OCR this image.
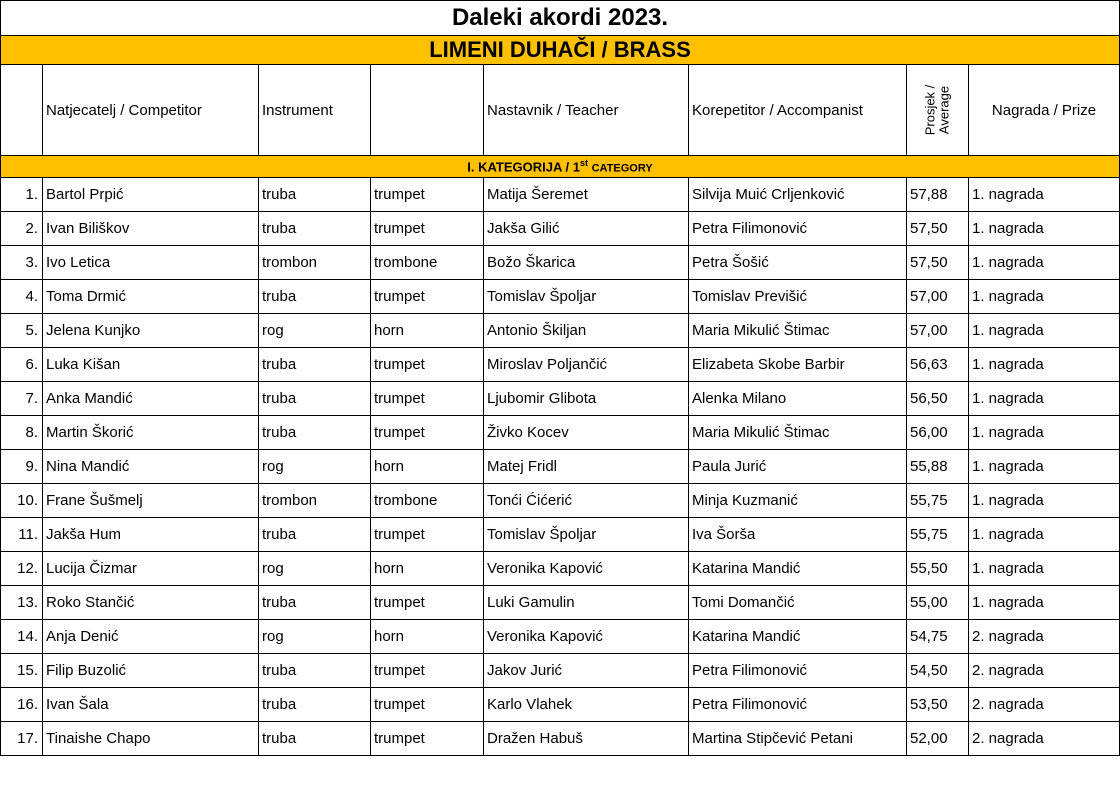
Daleki akordi 2023.							
LIMENI DUHAČI / BRASS							
	Natjecatelj / Competitor	Instrument		Nastavnik / Teacher	Korepetitor / Accompanist	Prosjek / Average	Nagrada / Prize
I. KATEGORIJA / 1st CATEGORY							
1.	Bartol Prpić	truba	trumpet	Matija Šeremet	Silvija Muić Crljenković	57,88	1. nagrada
2.	Ivan Biliškov	truba	trumpet	Jakša Gilić	Petra Filimonović	57,50	1. nagrada
3.	Ivo Letica	trombon	trombone	Božo Škarica	Petra Šošić	57,50	1. nagrada
4.	Toma Drmić	truba	trumpet	Tomislav Špoljar	Tomislav Previšić	57,00	1. nagrada
5.	Jelena Kunjko	rog	horn	Antonio Škiljan	Maria Mikulić Štimac	57,00	1. nagrada
6.	Luka Kišan	truba	trumpet	Miroslav Poljančić	Elizabeta Skobe Barbir	56,63	1. nagrada
7.	Anka Mandić	truba	trumpet	Ljubomir Glibota	Alenka Milano	56,50	1. nagrada
8.	Martin Škorić	truba	trumpet	Živko Kocev	Maria Mikulić Štimac	56,00	1. nagrada
9.	Nina Mandić	rog	horn	Matej Fridl	Paula Jurić	55,88	1. nagrada
10.	Frane Šušmelj	trombon	trombone	Tonći Ćićerić	Minja Kuzmanić	55,75	1. nagrada
11.	Jakša Hum	truba	trumpet	Tomislav Špoljar	Iva Šorša	55,75	1. nagrada
12.	Lucija Čizmar	rog	horn	Veronika Kapović	Katarina Mandić	55,50	1. nagrada
13.	Roko Stančić	truba	trumpet	Luki Gamulin	Tomi Domančić	55,00	1. nagrada
14.	Anja Denić	rog	horn	Veronika Kapović	Katarina Mandić	54,75	2. nagrada
15.	Filip Buzolić	truba	trumpet	Jakov Jurić	Petra Filimonović	54,50	2. nagrada
16.	Ivan Šala	truba	trumpet	Karlo Vlahek	Petra Filimonović	53,50	2. nagrada
17.	Tinaishe Chapo	truba	trumpet	Dražen Habuš	Martina Stipčević Petani	52,00	2. nagrada
